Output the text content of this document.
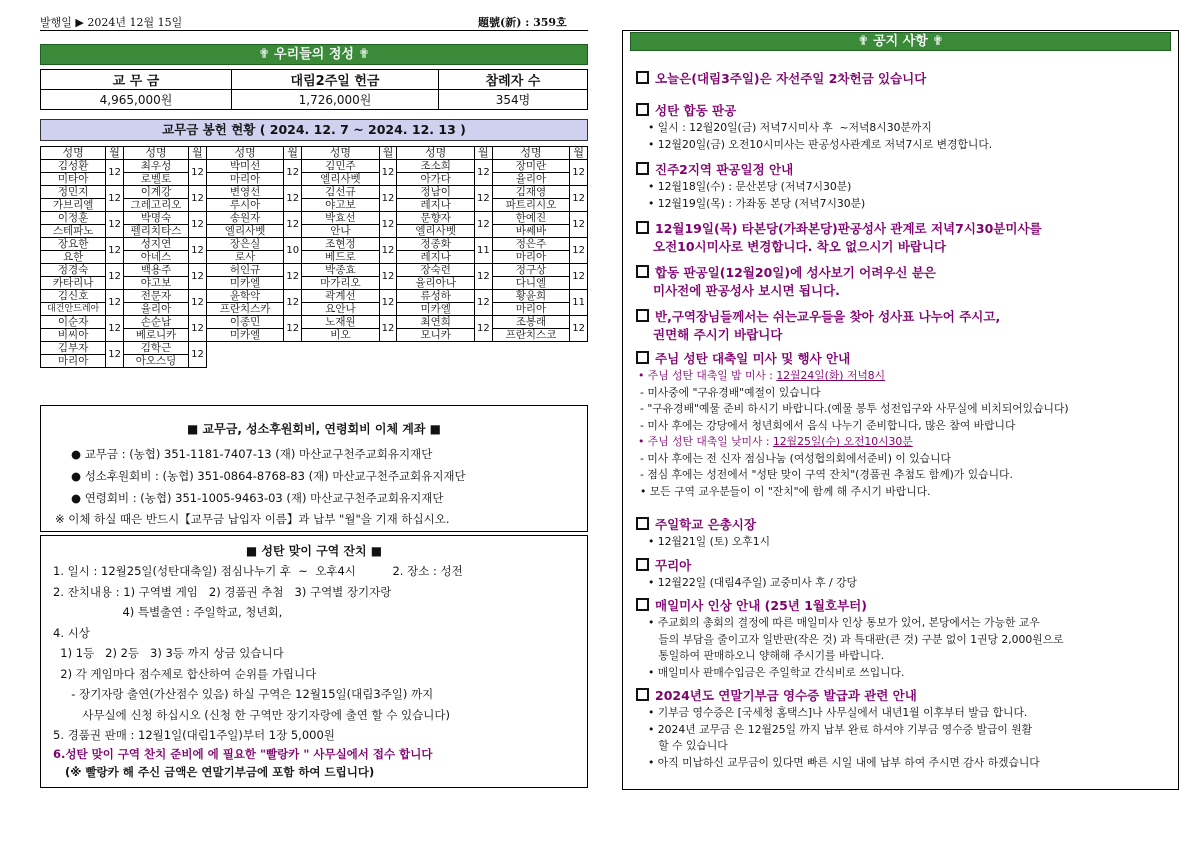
발행일 ▶ 2024년 12월 15일	題號(新) : 359호
✟ 우리들의 정성 ✟
교 무 금	대림2주일 헌금	참례자 수
4,965,000원	1,726,000원	354명
교무금 봉헌 현황 ( 2024. 12. 7 ~ 2024. 12. 13 )
성명	월	성명	월	성명	월	성명	월	성명	월	성명	월
김성환	12	최우성	12	박미선	12	김민주	12	조소희	12	장미란	12
미타아		로벨토		마리아		엘리사벳		아가다		율리아	
정민지	12	이계강	12	변영선	12	김선규	12	정남이	12	김재영	12
가브리엘		그레고리오		루시아		야고보		레지나		파트리시오	
이정훈	12	박명숙	12	송원자	12	박효선	12	문향자	12	한예진	12
스테파노		펠리치타스		엘리사벳		안나		엘리사벳		바쎄바	
장요한	12	성지연	12	장은실	10	조현정	12	정종화	11	정은주	12
요한		아네스		로사		베드로		레지나		마리아	
정경숙	12	백용주	12	허인규	12	박종효	12	장숙련	12	정구상	12
카타리나		야고보		미카엘		마가리오		율리아나		다니엘	
김신호	12	전문자	12	윤학악	12	곽계선	12	류성하	12	황윤희	11
대건안드레아		율리아		프란치스카		요안나		미카엘		마리아	
이순자	12	손순남	12	이종민	12	노재원	12	최연희	12	조봉래	12
비씨아		베로니카		미카엘		비오		모니카		프란치스코	
김부자	12	김학근	12								
마리아		아오스딩									
■ 교무금, 성소후원회비, 연령회비 이체 계좌 ■
● 교무금 : (농협) 351-1181-7407-13 (재) 마산교구천주교회유지재단
● 성소후원회비 : (농협) 351-0864-8768-83 (재) 마산교구천주교회유지재단
● 연령회비 : (농협) 351-1005-9463-03 (재) 마산교구천주교회유지재단
※ 이체 하실 때은 반드시【교무금 납입자 이름】과 납부 "월"을 기재 하십시오.
■ 성탄 맞이 구역 잔치 ■
1. 일시 : 12월25일(성탄대축일) 점심나누기 후  ~  오후4시          2. 장소 : 성전
2. 잔치내용 : 1) 구역별 게임   2) 경품권 추첨   3) 구역별 장기자랑
4) 특별출연 : 주일학교, 청년회,
4. 시상
1) 1등   2) 2등   3) 3등 까지 상금 있습니다
2) 각 게임마다 점수제로 합산하여 순위를 가립니다
- 장기자랑 출연(가산점수 있음) 하실 구역은 12월15일(대림3주일) 까지
사무실에 신청 하십시오 (신청 한 구역만 장기자랑에 출연 할 수 있습니다)
5. 경품권 판매 : 12월1일(대림1주일)부터 1장 5,000원
6.성탄 맞이 구역 찬치 준비에 에 필요한 "빨랑카 " 사무실에서 접수 합니다
(※ 빨랑카 해 주신 금액은 연말기부금에 포함 하여 드립니다)
✟ 공지 사항 ✟
오늘은(대림3주일)은 자선주일 2차헌금 있습니다
성탄 합동 판공
• 일시 : 12월20일(금) 저녁7시미사 후  ~저녁8시30분까지
• 12월20일(금) 오전10시미사는 판공성사관계로 저녁7시로 변경합니다.
진주2지역 판공일정 안내
• 12월18일(수) : 문산본당 (저녁7시30분)
• 12월19일(목) : 가좌동 본당 (저녁7시30분)
12월19일(목) 타본당(가좌본당)판공성사 관계로 저녁7시30분미사를
오전10시미사로 변경합니다. 착오 없으시기 바랍니다
합동 판공일(12월20일)에 성사보기 어려우신 분은
미사전에 판공성사 보시면 됩니다.
반,구역장님들께서는 쉬는교우들을 찾아 성사표 나누어 주시고,
권면해 주시기 바랍니다
주님 성탄 대축일 미사 및 행사 안내
• 주님 성탄 대축일 밤 미사 : 12월24일(화) 저녁8시
- 미사중에 "구유경배"예절이 있습니다
- "구유경배"예물 준비 하시기 바랍니다.(예물 봉투 성전입구와 사무실에 비치되어있습니다)
- 미사 후에는 강당에서 청년회에서 음식 나누기 준비합니다, 많은 참여 바랍니다
• 주님 성탄 대축일 낮미사 : 12월25일(수) 오전10시30분
- 미사 후에는 전 신자 점심나눔 (여성협의회에서준비) 이 있습니다
- 점심 후에는 성전에서 "성탄 맞이 구역 잔치"(경품권 추첨도 함께)가 있습니다.
• 모든 구역 교우분들이 이 "잔치"에 함께 해 주시기 바랍니다.
주일학교 은총시장
• 12월21일 (토) 오후1시
꾸리아
• 12월22일 (대림4주일) 교중미사 후 / 강당
매일미사 인상 안내 (25년 1월호부터)
• 주교회의 총회의 결정에 따른 매일미사 인상 통보가 있어, 본당에서는 가능한 교우
들의 부담을 줄이고자 일반판(작은 것) 과 특대판(큰 것) 구분 없이 1권당 2,000원으로
통일하여 판매하오니 양해해 주시기를 바랍니다.
• 매일미사 판매수입금은 주일학교 간식비로 쓰입니다.
2024년도 연말기부금 영수증 발급과 관련 안내
• 기부금 영수증은 [국세청 홈택스]나 사무실에서 내년1월 이후부터 발급 합니다.
• 2024년 교무금 은 12월25일 까지 납부 완료 하셔야 기부금 영수증 발급이 원활
할 수 있습니다
• 아직 미납하신 교무금이 있다면 빠른 시일 내에 납부 하여 주시면 감사 하겠습니다
